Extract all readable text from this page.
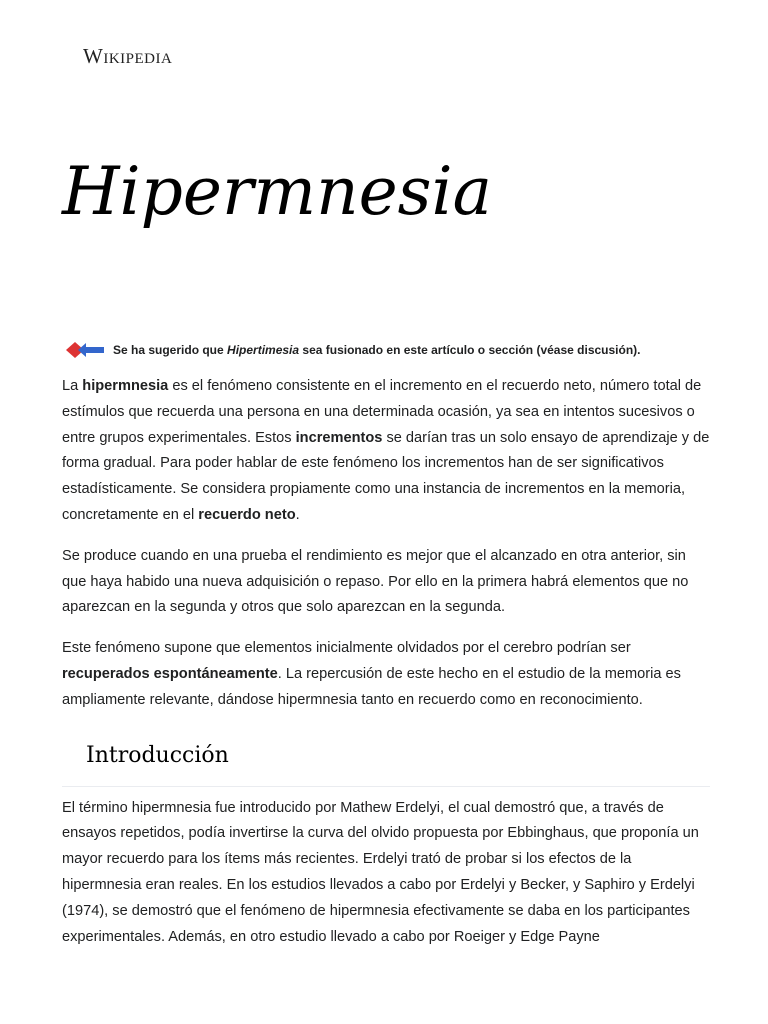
Wikipedia
Hipermnesia
Se ha sugerido que Hipertimesia sea fusionado en este artículo o sección (véase discusión).

La hipermnesia es el fenómeno consistente en el incremento en el recuerdo neto, número total de estímulos que recuerda una persona en una determinada ocasión, ya sea en intentos sucesivos o entre grupos experimentales. Estos incrementos se darían tras un solo ensayo de aprendizaje y de forma gradual. Para poder hablar de este fenómeno los incrementos han de ser significativos estadísticamente. Se considera propiamente como una instancia de incrementos en la memoria, concretamente en el recuerdo neto.

Se produce cuando en una prueba el rendimiento es mejor que el alcanzado en otra anterior, sin que haya habido una nueva adquisición o repaso. Por ello en la primera habrá elementos que no aparezcan en la segunda y otros que solo aparezcan en la segunda.

Este fenómeno supone que elementos inicialmente olvidados por el cerebro podrían ser recuperados espontáneamente. La repercusión de este hecho en el estudio de la memoria es ampliamente relevante, dándose hipermnesia tanto en recuerdo como en reconocimiento.

Introducción

El término hipermnesia fue introducido por Mathew Erdelyi, el cual demostró que, a través de ensayos repetidos, podía invertirse la curva del olvido propuesta por Ebbinghaus, que proponía un mayor recuerdo para los ítems más recientes. Erdelyi trató de probar si los efectos de la hipermnesia eran reales. En los estudios llevados a cabo por Erdelyi y Becker, y Saphiro y Erdelyi (1974), se demostró que el fenómeno de hipermnesia efectivamente se daba en los participantes experimentales. Además, en otro estudio llevado a cabo por Roeiger y Edge Payne
